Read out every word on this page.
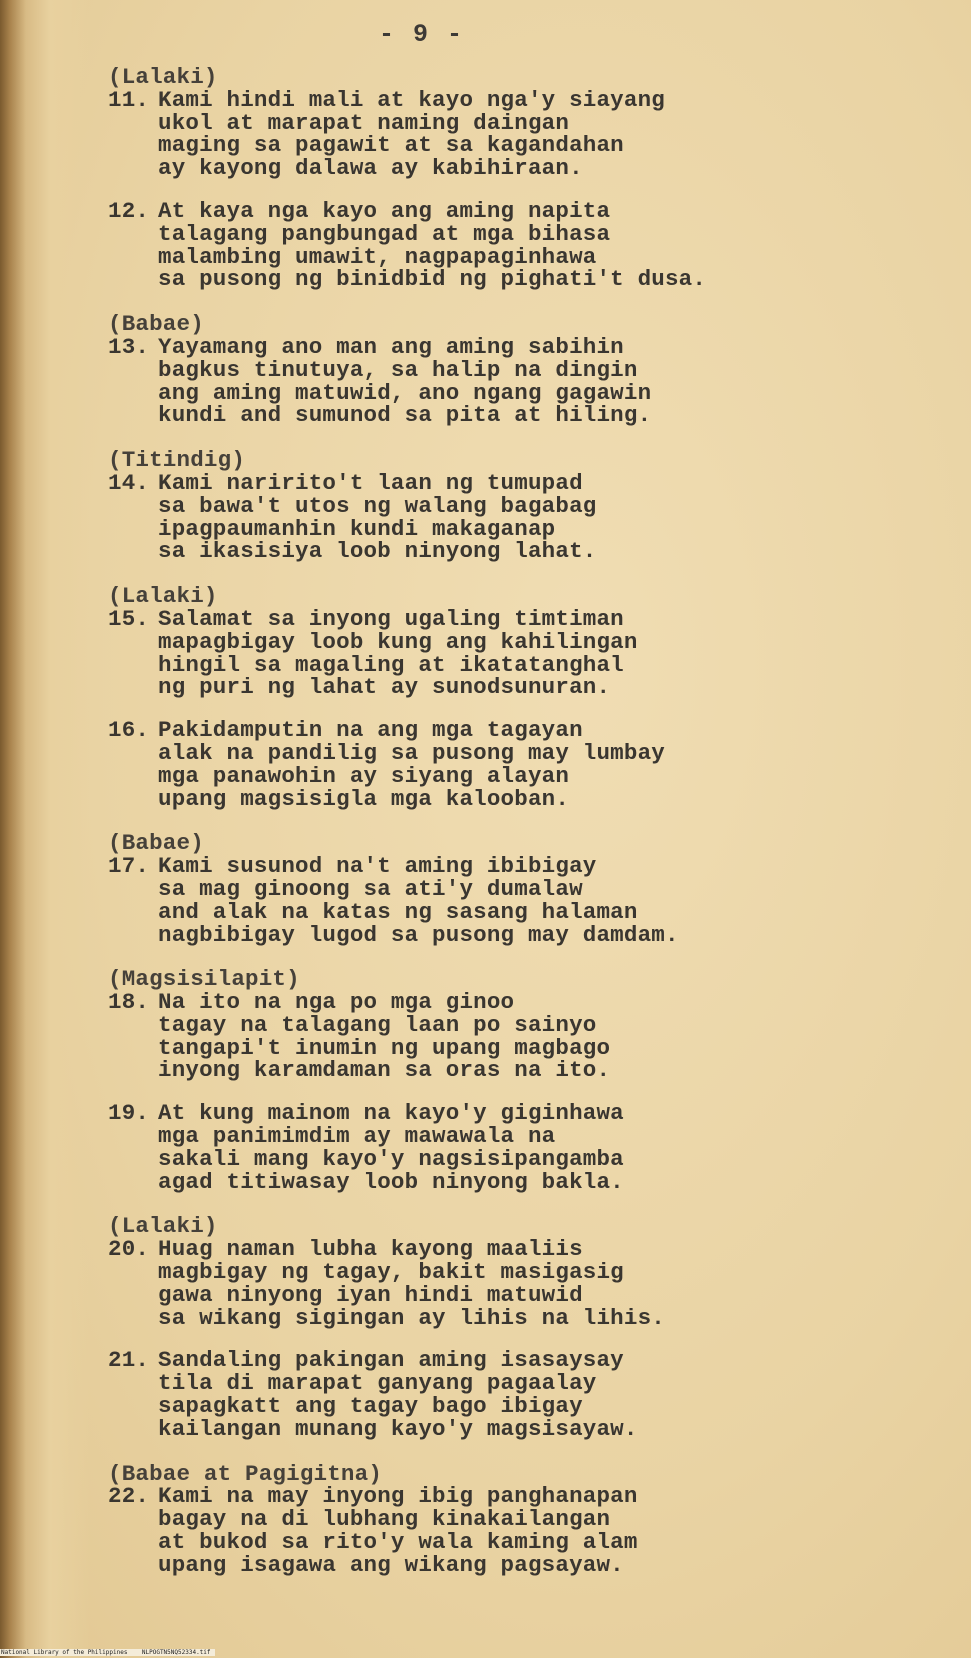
- 9 -
(Lalaki)
11. Kami hindi mali at kayo nga'y siayang
ukol at marapat naming daingan
maging sa pagawit at sa kagandahan
ay kayong dalawa ay kabihiraan.
12. At kaya nga kayo ang aming napita
talagang pangbungad at mga bihasa
malambing umawit, nagpapaginhawa
sa pusong ng binidbid ng pighati't dusa.
(Babae)
13. Yayamang ano man ang aming sabihin
bagkus tinutuya, sa halip na dingin
ang aming matuwid, ano ngang gagawin
kundi and sumunod sa pita at hiling.
(Titindig)
14. Kami naririto't laan ng tumupad
sa bawa't utos ng walang bagabag
ipagpaumanhin kundi makaganap
sa ikasisiya loob ninyong lahat.
(Lalaki)
15. Salamat sa inyong ugaling timtiman
mapagbigay loob kung ang kahilingan
hingil sa magaling at ikatatanghal
ng puri ng lahat ay sunodsunuran.
16. Pakidamputin na ang mga tagayan
alak na pandilig sa pusong may lumbay
mga panawohin ay siyang alayan
upang magsisigla mga kalooban.
(Babae)
17. Kami susunod na't aming ibibigay
sa mag ginoong sa ati'y dumalaw
and alak na katas ng sasang halaman
nagbibigay lugod sa pusong may damdam.
(Magsisilapit)
18. Na ito na nga po mga ginoo
tagay na talagang laan po sainyo
tangapi't inumin ng upang magbago
inyong karamdaman sa oras na ito.
19. At kung mainom na kayo'y giginhawa
mga panimimdim ay mawawala na
sakali mang kayo'y nagsisipangamba
agad titiwasay loob ninyong bakla.
(Lalaki)
20. Huag naman lubha kayong maaliis
magbigay ng tagay, bakit masigasig
gawa ninyong iyan hindi matuwid
sa wikang sigingan ay lihis na lihis.
21. Sandaling pakingan aming isasaysay
tila di marapat ganyang pagaalay
sapagkatt ang tagay bago ibigay
kailangan munang kayo'y magsisayaw.
(Babae at Pagigitna)
22. Kami na may inyong ibig panghanapan
bagay na di lubhang kinakailangan
at bukod sa rito'y wala kaming alam
upang isagawa ang wikang pagsayaw.
National Library of the Philippines    NLPOGTN5NQ52334.tif
